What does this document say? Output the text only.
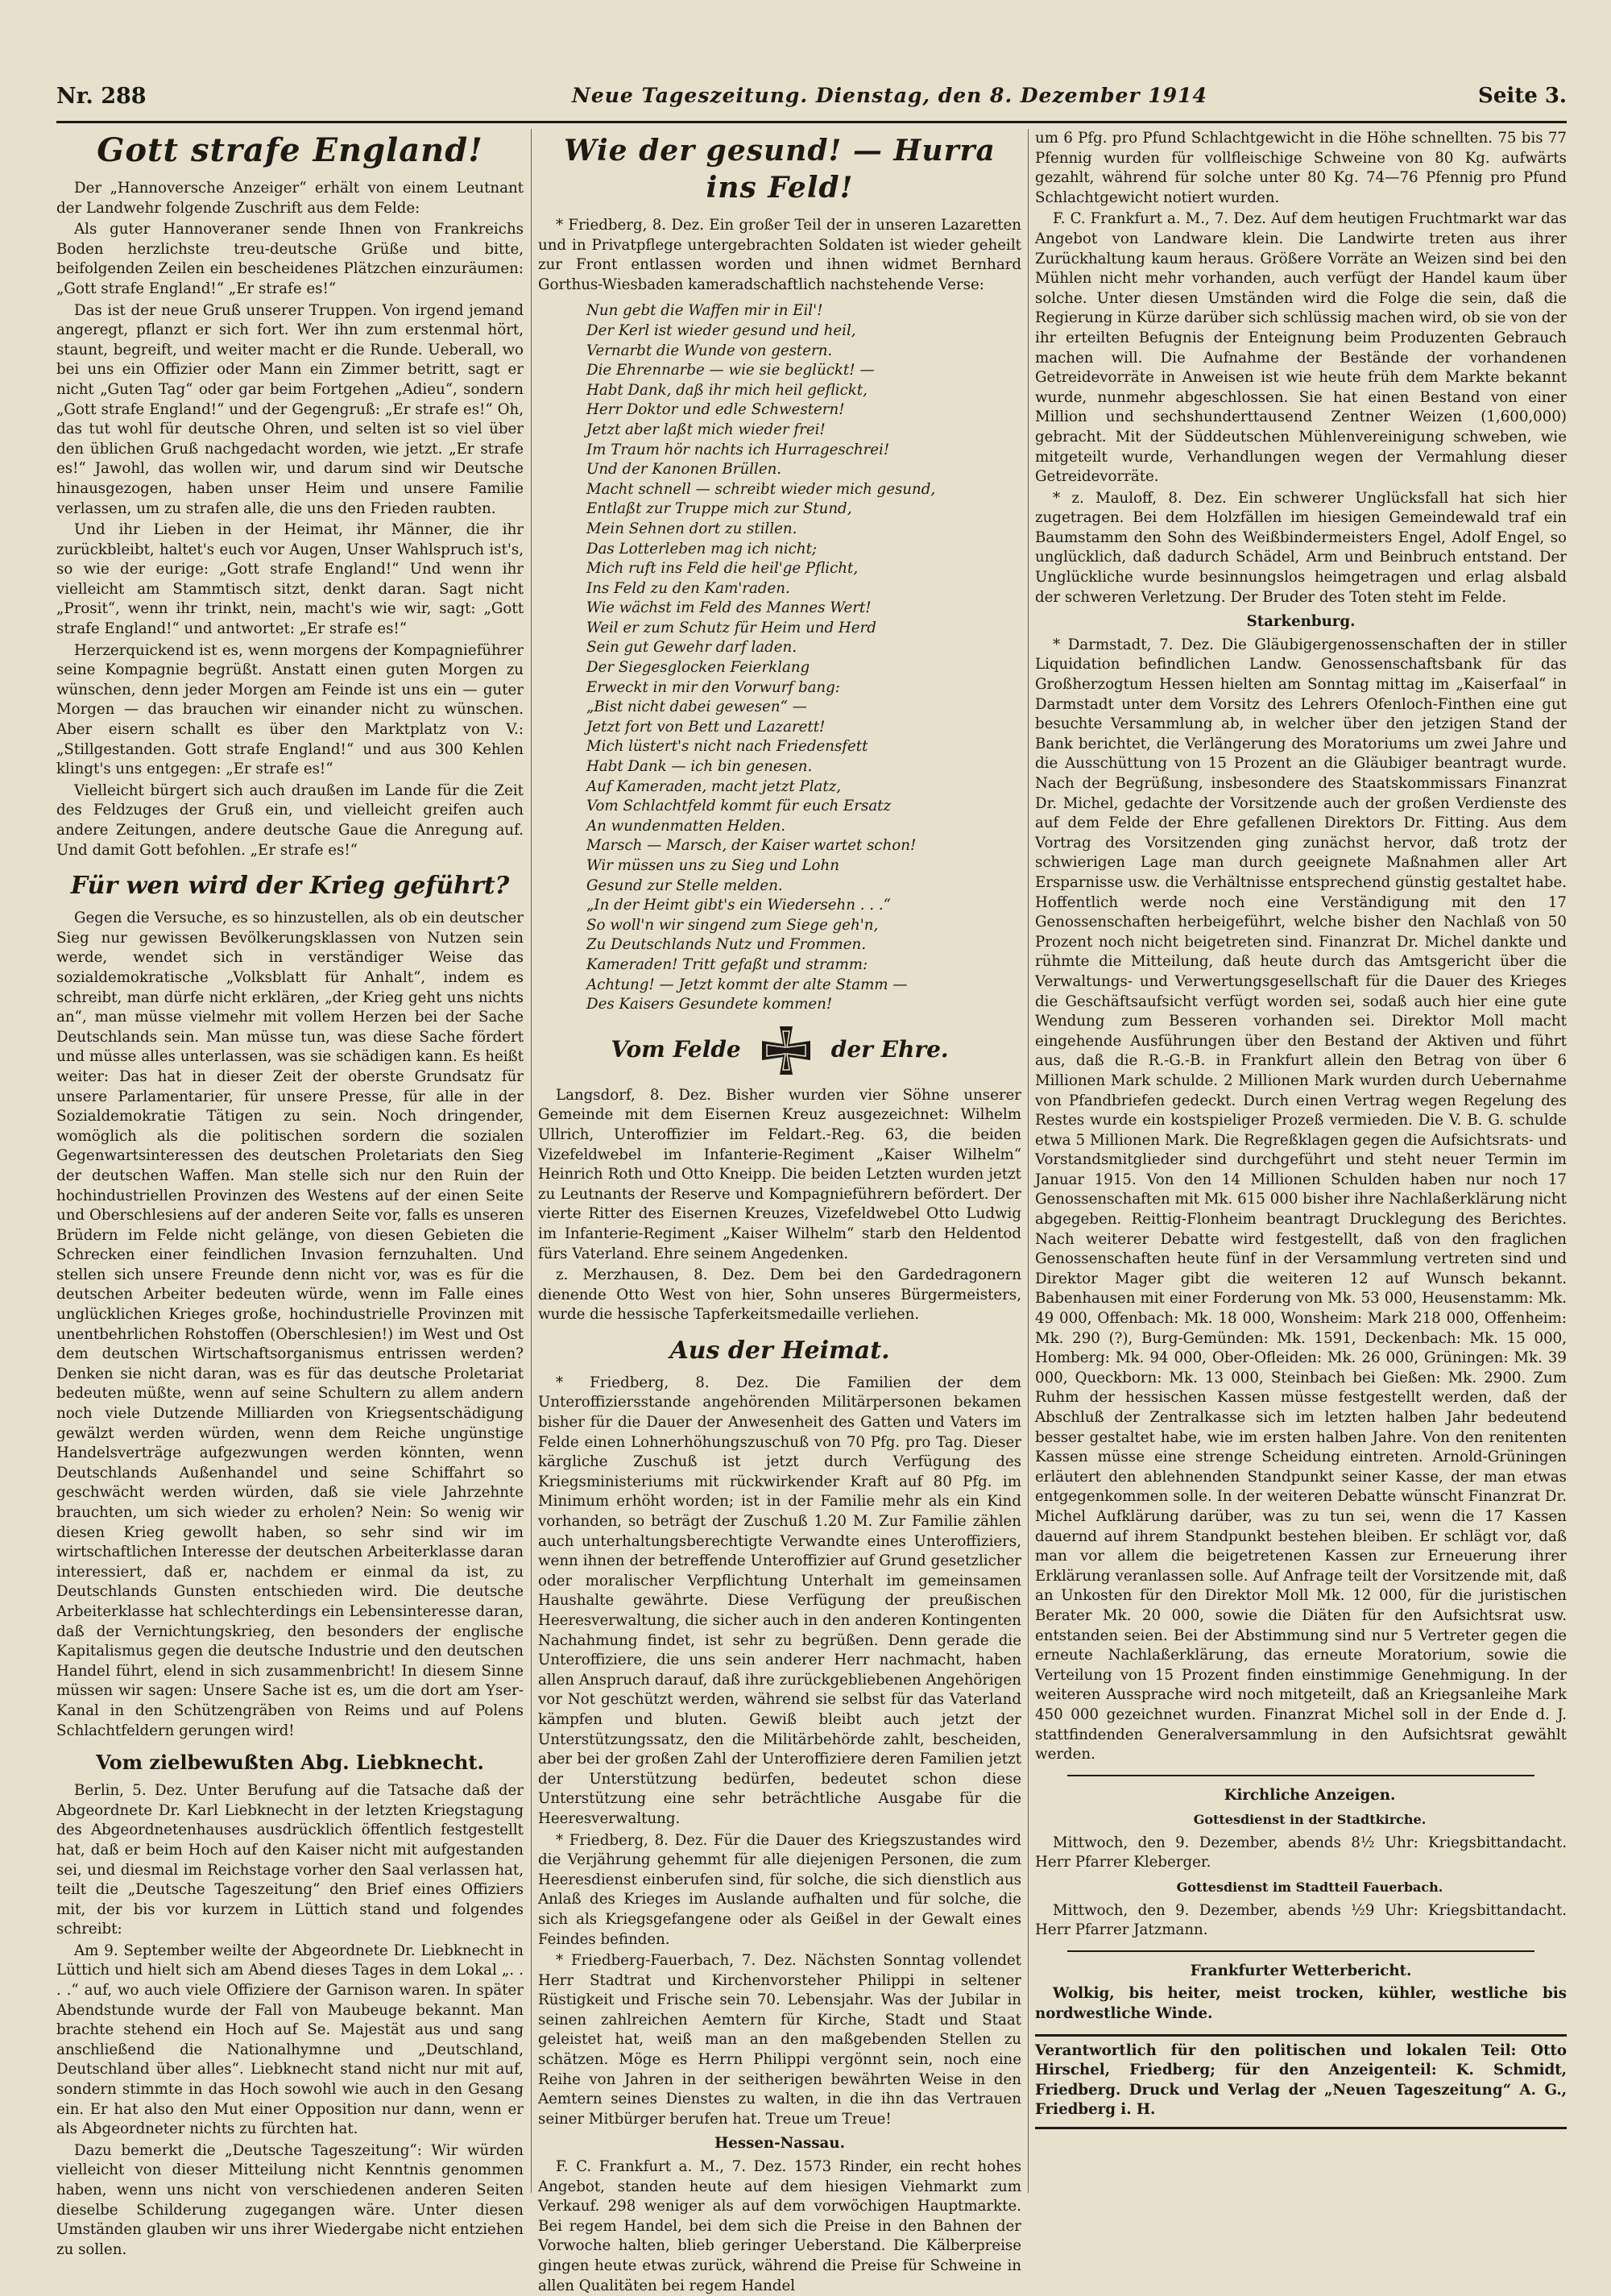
Nr. 288	Neue Tageszeitung. Dienstag, den 8. Dezember 1914	Seite 3.
Gott strafe England!

Der „Hannoversche Anzeiger“ erhält von einem Leutnant der Landwehr folgende Zuschrift aus dem Felde:

Als guter Hannoveraner sende Ihnen von Frankreichs Boden herzlichste treu-deutsche Grüße und bitte, beifolgenden Zeilen ein bescheidenes Plätzchen einzuräumen: „Gott strafe England!“ „Er strafe es!“

Das ist der neue Gruß unserer Truppen. Von irgend jemand angeregt, pflanzt er sich fort. Wer ihn zum erstenmal hört, staunt, begreift, und weiter macht er die Runde. Ueberall, wo bei uns ein Offizier oder Mann ein Zimmer betritt, sagt er nicht „Guten Tag“ oder gar beim Fortgehen „Adieu“, sondern „Gott strafe England!“ und der Gegengruß: „Er strafe es!“ Oh, das tut wohl für deutsche Ohren, und selten ist so viel über den üblichen Gruß nachgedacht worden, wie jetzt. „Er strafe es!“ Jawohl, das wollen wir, und darum sind wir Deutsche hinausgezogen, haben unser Heim und unsere Familie verlassen, um zu strafen alle, die uns den Frieden raubten.

Und ihr Lieben in der Heimat, ihr Männer, die ihr zurückbleibt, haltet's euch vor Augen, Unser Wahlspruch ist's, so wie der eurige: „Gott strafe England!“ Und wenn ihr vielleicht am Stammtisch sitzt, denkt daran. Sagt nicht „Prosit“, wenn ihr trinkt, nein, macht's wie wir, sagt: „Gott strafe England!“ und antwortet: „Er strafe es!“

Herzerquickend ist es, wenn morgens der Kompagnieführer seine Kompagnie begrüßt. Anstatt einen guten Morgen zu wünschen, denn jeder Morgen am Feinde ist uns ein — guter Morgen — das brauchen wir einander nicht zu wünschen. Aber eisern schallt es über den Marktplatz von V.: „Stillgestanden. Gott strafe England!“ und aus 300 Kehlen klingt's uns entgegen: „Er strafe es!“

Vielleicht bürgert sich auch draußen im Lande für die Zeit des Feldzuges der Gruß ein, und vielleicht greifen auch andere Zeitungen, andere deutsche Gaue die Anregung auf. Und damit Gott befohlen. „Er strafe es!“

Für wen wird der Krieg geführt?

Gegen die Versuche, es so hinzustellen, als ob ein deutscher Sieg nur gewissen Bevölkerungsklassen von Nutzen sein werde, wendet sich in verständiger Weise das sozialdemokratische „Volksblatt für Anhalt“, indem es schreibt, man dürfe nicht erklären, „der Krieg geht uns nichts an“, man müsse vielmehr mit vollem Herzen bei der Sache Deutschlands sein. Man müsse tun, was diese Sache fördert und müsse alles unterlassen, was sie schädigen kann. Es heißt weiter: Das hat in dieser Zeit der oberste Grundsatz für unsere Parlamentarier, für unsere Presse, für alle in der Sozialdemokratie Tätigen zu sein. Noch dringender, womöglich als die politischen sordern die sozialen Gegenwartsinteressen des deutschen Proletariats den Sieg der deutschen Waffen. Man stelle sich nur den Ruin der hochindustriellen Provinzen des Westens auf der einen Seite und Oberschlesiens auf der anderen Seite vor, falls es unseren Brüdern im Felde nicht gelänge, von diesen Gebieten die Schrecken einer feindlichen Invasion fernzuhalten. Und stellen sich unsere Freunde denn nicht vor, was es für die deutschen Arbeiter bedeuten würde, wenn im Falle eines unglücklichen Krieges große, hochindustrielle Provinzen mit unentbehrlichen Rohstoffen (Oberschlesien!) im West und Ost dem deutschen Wirtschaftsorganismus entrissen werden? Denken sie nicht daran, was es für das deutsche Proletariat bedeuten müßte, wenn auf seine Schultern zu allem andern noch viele Dutzende Milliarden von Kriegsentschädigung gewälzt werden würden, wenn dem Reiche ungünstige Handelsverträge aufgezwungen werden könnten, wenn Deutschlands Außenhandel und seine Schiffahrt so geschwächt werden würden, daß sie viele Jahrzehnte brauchten, um sich wieder zu erholen? Nein: So wenig wir diesen Krieg gewollt haben, so sehr sind wir im wirtschaftlichen Interesse der deutschen Arbeiterklasse daran interessiert, daß er, nachdem er einmal da ist, zu Deutschlands Gunsten entschieden wird. Die deutsche Arbeiterklasse hat schlechterdings ein Lebensinteresse daran, daß der Vernichtungskrieg, den besonders der englische Kapitalismus gegen die deutsche Industrie und den deutschen Handel führt, elend in sich zusammenbricht! In diesem Sinne müssen wir sagen: Unsere Sache ist es, um die dort am Yser-Kanal in den Schützengräben von Reims und auf Polens Schlachtfeldern gerungen wird!

Vom zielbewußten Abg. Liebknecht.

Berlin, 5. Dez. Unter Berufung auf die Tatsache daß der Abgeordnete Dr. Karl Liebknecht in der letzten Kriegstagung des Abgeordnetenhauses ausdrücklich öffentlich festgestellt hat, daß er beim Hoch auf den Kaiser nicht mit aufgestanden sei, und diesmal im Reichstage vorher den Saal verlassen hat, teilt die „Deutsche Tageszeitung“ den Brief eines Offiziers mit, der bis vor kurzem in Lüttich stand und folgendes schreibt:

Am 9. September weilte der Abgeordnete Dr. Liebknecht in Lüttich und hielt sich am Abend dieses Tages in dem Lokal „. . . .“ auf, wo auch viele Offiziere der Garnison waren. In später Abendstunde wurde der Fall von Maubeuge bekannt. Man brachte stehend ein Hoch auf Se. Majestät aus und sang anschließend die Nationalhymne und „Deutschland, Deutschland über alles“. Liebknecht stand nicht nur mit auf, sondern stimmte in das Hoch sowohl wie auch in den Gesang ein. Er hat also den Mut einer Opposition nur dann, wenn er als Abgeordneter nichts zu fürchten hat.

Dazu bemerkt die „Deutsche Tageszeitung“: Wir würden vielleicht von dieser Mitteilung nicht Kenntnis genommen haben, wenn uns nicht von verschiedenen anderen Seiten dieselbe Schilderung zugegangen wäre. Unter diesen Umständen glauben wir uns ihrer Wiedergabe nicht entziehen zu sollen.

Wie der gesund! — Hurra ins Feld!

* Friedberg, 8. Dez. Ein großer Teil der in unseren Lazaretten und in Privatpflege untergebrachten Soldaten ist wieder geheilt zur Front entlassen worden und ihnen widmet Bernhard Gorthus-Wiesbaden kameradschaftlich nachstehende Verse:

Nun gebt die Waffen mir in Eil'!
Der Kerl ist wieder gesund und heil,
Vernarbt die Wunde von gestern.
Die Ehrennarbe — wie sie beglückt! —
Habt Dank, daß ihr mich heil geflickt,
Herr Doktor und edle Schwestern!
Jetzt aber laßt mich wieder frei!
Im Traum hör nachts ich Hurrageschrei!
Und der Kanonen Brüllen.
Macht schnell — schreibt wieder mich gesund,
Entlaßt zur Truppe mich zur Stund,
Mein Sehnen dort zu stillen.
Das Lotterleben mag ich nicht;
Mich ruft ins Feld die heil'ge Pflicht,
Ins Feld zu den Kam'raden.
Wie wächst im Feld des Mannes Wert!
Weil er zum Schutz für Heim und Herd
Sein gut Gewehr darf laden.
Der Siegesglocken Feierklang
Erweckt in mir den Vorwurf bang:
„Bist nicht dabei gewesen“ —
Jetzt fort von Bett und Lazarett!
Mich lüstert's nicht nach Friedensfett
Habt Dank — ich bin genesen.
Auf Kameraden, macht jetzt Platz,
Vom Schlachtfeld kommt für euch Ersatz
An wundenmatten Helden.
Marsch — Marsch, der Kaiser wartet schon!
Wir müssen uns zu Sieg und Lohn
Gesund zur Stelle melden.
„In der Heimt gibt's ein Wiedersehn . . .“
So woll'n wir singend zum Siege geh'n,
Zu Deutschlands Nutz und Frommen.
Kameraden! Tritt gefaßt und stramm:
Achtung! — Jetzt kommt der alte Stamm —
Des Kaisers Gesundete kommen!
Vom Felde	der Ehre.

Langsdorf, 8. Dez. Bisher wurden vier Söhne unserer Gemeinde mit dem Eisernen Kreuz ausgezeichnet: Wilhelm Ullrich, Unteroffizier im Feldart.-Reg. 63, die beiden Vizefeldwebel im Infanterie-Regiment „Kaiser Wilhelm“ Heinrich Roth und Otto Kneipp. Die beiden Letzten wurden jetzt zu Leutnants der Reserve und Kompagnieführern befördert. Der vierte Ritter des Eisernen Kreuzes, Vizefeldwebel Otto Ludwig im Infanterie-Regiment „Kaiser Wilhelm“ starb den Heldentod fürs Vaterland. Ehre seinem Angedenken.

z. Merzhausen, 8. Dez. Dem bei den Gardedragonern dienende Otto West von hier, Sohn unseres Bürgermeisters, wurde die hessische Tapferkeitsmedaille verliehen.

Aus der Heimat.

* Friedberg, 8. Dez. Die Familien der dem Unteroffiziersstande angehörenden Militärpersonen bekamen bisher für die Dauer der Anwesenheit des Gatten und Vaters im Felde einen Lohnerhöhungszuschuß von 70 Pfg. pro Tag. Dieser kärgliche Zuschuß ist jetzt durch Verfügung des Kriegsministeriums mit rückwirkender Kraft auf 80 Pfg. im Minimum erhöht worden; ist in der Familie mehr als ein Kind vorhanden, so beträgt der Zuschuß 1.20 M. Zur Familie zählen auch unterhaltungsberechtigte Verwandte eines Unteroffiziers, wenn ihnen der betreffende Unteroffizier auf Grund gesetzlicher oder moralischer Verpflichtung Unterhalt im gemeinsamen Haushalte gewährte. Diese Verfügung der preußischen Heeresverwaltung, die sicher auch in den anderen Kontingenten Nachahmung findet, ist sehr zu begrüßen. Denn gerade die Unteroffiziere, die uns sein anderer Herr nachmacht, haben allen Anspruch darauf, daß ihre zurückgebliebenen Angehörigen vor Not geschützt werden, während sie selbst für das Vaterland kämpfen und bluten. Gewiß bleibt auch jetzt der Unterstützungssatz, den die Militärbehörde zahlt, bescheiden, aber bei der großen Zahl der Unteroffiziere deren Familien jetzt der Unterstützung bedürfen, bedeutet schon diese Unterstützung eine sehr beträchtliche Ausgabe für die Heeresverwaltung.

* Friedberg, 8. Dez. Für die Dauer des Kriegszustandes wird die Verjährung gehemmt für alle diejenigen Personen, die zum Heeresdienst einberufen sind, für solche, die sich dienstlich aus Anlaß des Krieges im Auslande aufhalten und für solche, die sich als Kriegsgefangene oder als Geißel in der Gewalt eines Feindes befinden.

* Friedberg-Fauerbach, 7. Dez. Nächsten Sonntag vollendet Herr Stadtrat und Kirchenvorsteher Philippi in seltener Rüstigkeit und Frische sein 70. Lebensjahr. Was der Jubilar in seinen zahlreichen Aemtern für Kirche, Stadt und Staat geleistet hat, weiß man an den maßgebenden Stellen zu schätzen. Möge es Herrn Philippi vergönnt sein, noch eine Reihe von Jahren in der seitherigen bewährten Weise in den Aemtern seines Dienstes zu walten, in die ihn das Vertrauen seiner Mitbürger berufen hat. Treue um Treue!

Hessen-Nassau.

F. C. Frankfurt a. M., 7. Dez. 1573 Rinder, ein recht hohes Angebot, standen heute auf dem hiesigen Viehmarkt zum Verkauf. 298 weniger als auf dem vorwöchigen Hauptmarkte. Bei regem Handel, bei dem sich die Preise in den Bahnen der Vorwoche halten, blieb geringer Ueberstand. Die Kälberpreise gingen heute etwas zurück, während die Preise für Schweine in allen Qualitäten bei regem Handel

um 6 Pfg. pro Pfund Schlachtgewicht in die Höhe schnellten. 75 bis 77 Pfennig wurden für vollfleischige Schweine von 80 Kg. aufwärts gezahlt, während für solche unter 80 Kg. 74—76 Pfennig pro Pfund Schlachtgewicht notiert wurden.

F. C. Frankfurt a. M., 7. Dez. Auf dem heutigen Fruchtmarkt war das Angebot von Landware klein. Die Landwirte treten aus ihrer Zurückhaltung kaum heraus. Größere Vorräte an Weizen sind bei den Mühlen nicht mehr vorhanden, auch verfügt der Handel kaum über solche. Unter diesen Umständen wird die Folge die sein, daß die Regierung in Kürze darüber sich schlüssig machen wird, ob sie von der ihr erteilten Befugnis der Enteignung beim Produzenten Gebrauch machen will. Die Aufnahme der Bestände der vorhandenen Getreidevorräte in Anweisen ist wie heute früh dem Markte bekannt wurde, nunmehr abgeschlossen. Sie hat einen Bestand von einer Million und sechshunderttausend Zentner Weizen (1,600,000) gebracht. Mit der Süddeutschen Mühlenvereinigung schweben, wie mitgeteilt wurde, Verhandlungen wegen der Vermahlung dieser Getreidevorräte.

* z. Mauloff, 8. Dez. Ein schwerer Unglücksfall hat sich hier zugetragen. Bei dem Holzfällen im hiesigen Gemeindewald traf ein Baumstamm den Sohn des Weißbindermeisters Engel, Adolf Engel, so unglücklich, daß dadurch Schädel, Arm und Beinbruch entstand. Der Unglückliche wurde besinnungslos heimgetragen und erlag alsbald der schweren Verletzung. Der Bruder des Toten steht im Felde.

Starkenburg.

* Darmstadt, 7. Dez. Die Gläubigergenossenschaften der in stiller Liquidation befindlichen Landw. Genossenschaftsbank für das Großherzogtum Hessen hielten am Sonntag mittag im „Kaiserfaal“ in Darmstadt unter dem Vorsitz des Lehrers Ofenloch-Finthen eine gut besuchte Versammlung ab, in welcher über den jetzigen Stand der Bank berichtet, die Verlängerung des Moratoriums um zwei Jahre und die Ausschüttung von 15 Prozent an die Gläubiger beantragt wurde. Nach der Begrüßung, insbesondere des Staatskommissars Finanzrat Dr. Michel, gedachte der Vorsitzende auch der großen Verdienste des auf dem Felde der Ehre gefallenen Direktors Dr. Fitting. Aus dem Vortrag des Vorsitzenden ging zunächst hervor, daß trotz der schwierigen Lage man durch geeignete Maßnahmen aller Art Ersparnisse usw. die Verhältnisse entsprechend günstig gestaltet habe. Hoffentlich werde noch eine Verständigung mit den 17 Genossenschaften herbeigeführt, welche bisher den Nachlaß von 50 Prozent noch nicht beigetreten sind. Finanzrat Dr. Michel dankte und rühmte die Mitteilung, daß heute durch das Amtsgericht über die Verwaltungs- und Verwertungsgesellschaft für die Dauer des Krieges die Geschäftsaufsicht verfügt worden sei, sodaß auch hier eine gute Wendung zum Besseren vorhanden sei. Direktor Moll macht eingehende Ausführungen über den Bestand der Aktiven und führt aus, daß die R.-G.-B. in Frankfurt allein den Betrag von über 6 Millionen Mark schulde. 2 Millionen Mark wurden durch Uebernahme von Pfandbriefen gedeckt. Durch einen Vertrag wegen Regelung des Restes wurde ein kostspieliger Prozeß vermieden. Die V. B. G. schulde etwa 5 Millionen Mark. Die Regreßklagen gegen die Aufsichtsrats- und Vorstandsmitglieder sind durchgeführt und steht neuer Termin im Januar 1915. Von den 14 Millionen Schulden haben nur noch 17 Genossenschaften mit Mk. 615 000 bisher ihre Nachlaßerklärung nicht abgegeben. Reittig-Flonheim beantragt Drucklegung des Berichtes. Nach weiterer Debatte wird festgestellt, daß von den fraglichen Genossenschaften heute fünf in der Versammlung vertreten sind und Direktor Mager gibt die weiteren 12 auf Wunsch bekannt. Babenhausen mit einer Forderung von Mk. 53 000, Heusenstamm: Mk. 49 000, Offenbach: Mk. 18 000, Wonsheim: Mark 218 000, Offenheim: Mk. 290 (?), Burg-Gemünden: Mk. 1591, Deckenbach: Mk. 15 000, Homberg: Mk. 94 000, Ober-Ofleiden: Mk. 26 000, Grüningen: Mk. 39 000, Queckborn: Mk. 13 000, Steinbach bei Gießen: Mk. 2900. Zum Ruhm der hessischen Kassen müsse festgestellt werden, daß der Abschluß der Zentralkasse sich im letzten halben Jahr bedeutend besser gestaltet habe, wie im ersten halben Jahre. Von den renitenten Kassen müsse eine strenge Scheidung eintreten. Arnold-Grüningen erläutert den ablehnenden Standpunkt seiner Kasse, der man etwas entgegenkommen solle. In der weiteren Debatte wünscht Finanzrat Dr. Michel Aufklärung darüber, was zu tun sei, wenn die 17 Kassen dauernd auf ihrem Standpunkt bestehen bleiben. Er schlägt vor, daß man vor allem die beigetretenen Kassen zur Erneuerung ihrer Erklärung veranlassen solle. Auf Anfrage teilt der Vorsitzende mit, daß an Unkosten für den Direktor Moll Mk. 12 000, für die juristischen Berater Mk. 20 000, sowie die Diäten für den Aufsichtsrat usw. entstanden seien. Bei der Abstimmung sind nur 5 Vertreter gegen die erneute Nachlaßerklärung, das erneute Moratorium, sowie die Verteilung von 15 Prozent finden einstimmige Genehmigung. In der weiteren Aussprache wird noch mitgeteilt, daß an Kriegsanleihe Mark 450 000 gezeichnet wurden. Finanzrat Michel soll in der Ende d. J. stattfindenden Generalversammlung in den Aufsichtsrat gewählt werden.

Kirchliche Anzeigen.

Gottesdienst in der Stadtkirche.

Mittwoch, den 9. Dezember, abends 8½ Uhr: Kriegsbittandacht. Herr Pfarrer Kleberger.

Gottesdienst im Stadtteil Fauerbach.

Mittwoch, den 9. Dezember, abends ½9 Uhr: Kriegsbittandacht. Herr Pfarrer Jatzmann.

Frankfurter Wetterbericht.

Wolkig, bis heiter, meist trocken, kühler, westliche bis nordwestliche Winde.

Verantwortlich für den politischen und lokalen Teil: Otto Hirschel, Friedberg; für den Anzeigenteil: K. Schmidt, Friedberg. Druck und Verlag der „Neuen Tageszeitung“ A. G., Friedberg i. H.
